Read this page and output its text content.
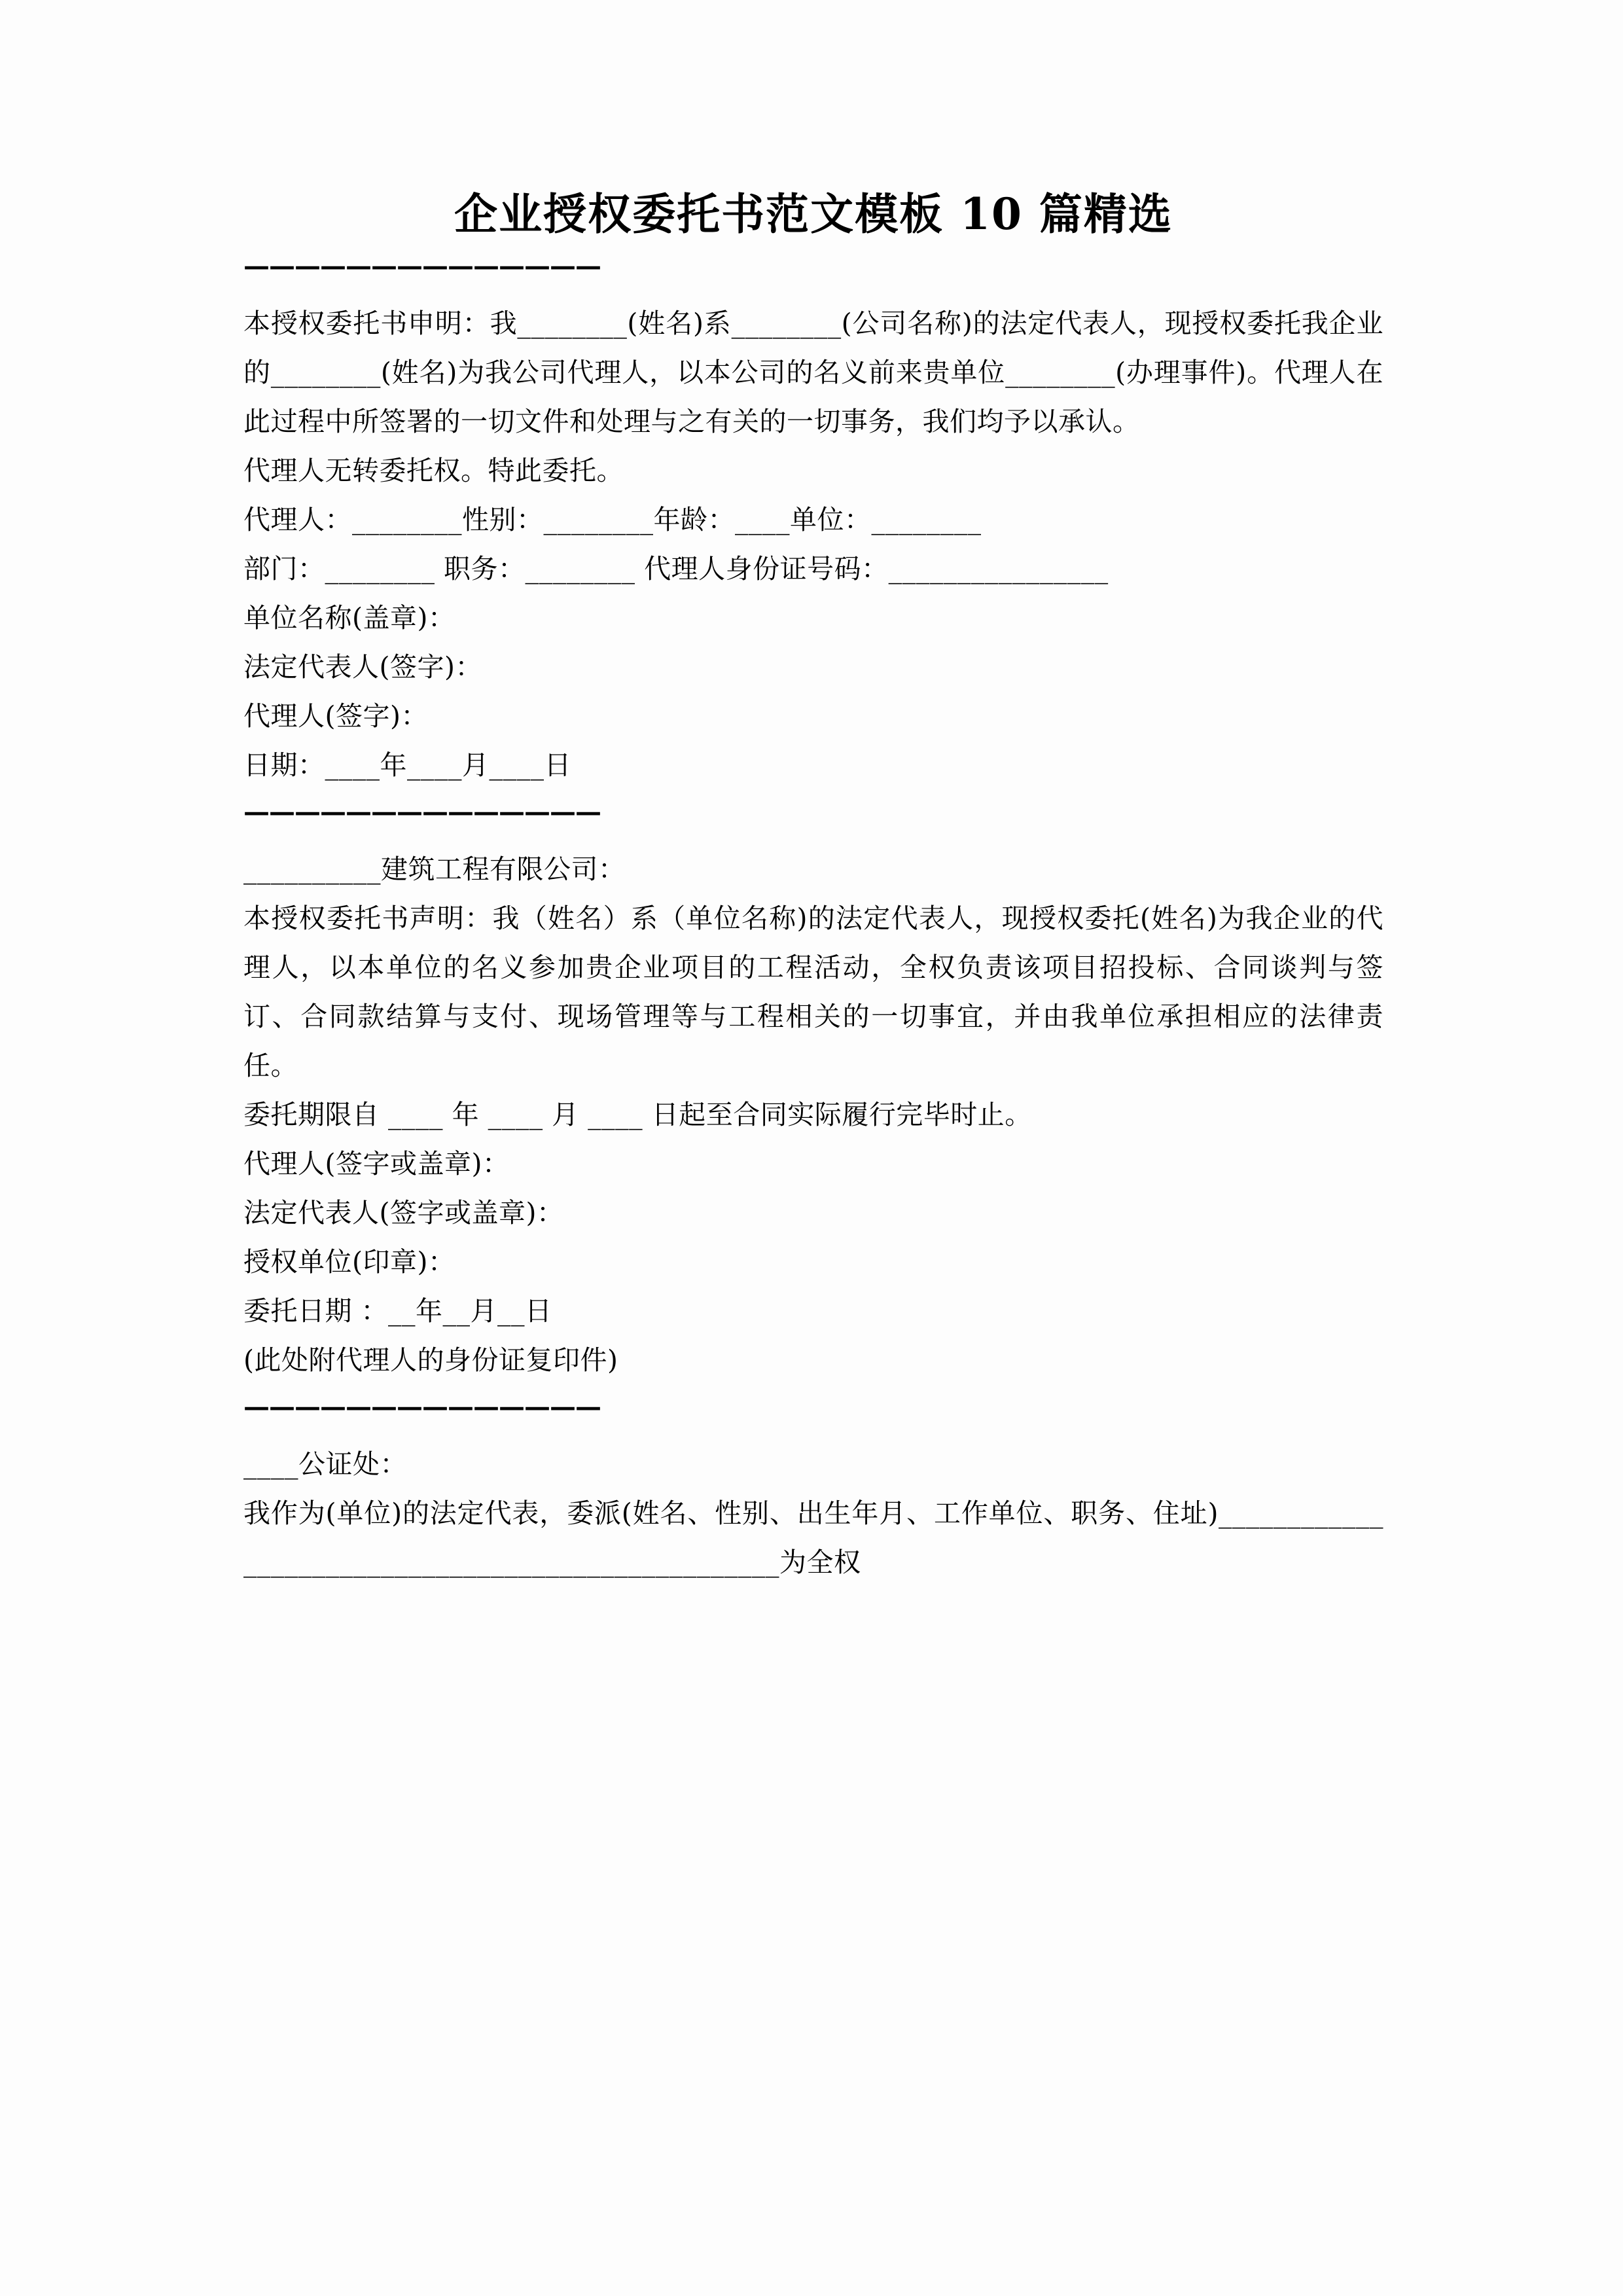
企业授权委托书范文模板 10 篇精选
——————————————

本授权委托书申明：我________(姓名)系________(公司名称)的法定代表人，现授权委托我企业的________(姓名)为我公司代理人，以本公司的名义前来贵单位________(办理事件)。代理人在此过程中所签署的一切文件和处理与之有关的一切事务，我们均予以承认。

代理人无转委托权。特此委托。

代理人：________性别：________年龄：____单位：________

部门：________ 职务：________ 代理人身份证号码：________________

单位名称(盖章)：

法定代表人(签字)：

代理人(签字)：

日期：____年____月____日

——————————————

__________建筑工程有限公司：

本授权委托书声明：我（姓名）系（单位名称)的法定代表人，现授权委托(姓名)为我企业的代理人，以本单位的名义参加贵企业项目的工程活动，全权负责该项目招投标、合同谈判与签订、合同款结算与支付、现场管理等与工程相关的一切事宜，并由我单位承担相应的法律责任。

委托期限自 ____ 年 ____ 月 ____ 日起至合同实际履行完毕时止。

代理人(签字或盖章)：

法定代表人(签字或盖章)：

授权单位(印章)：

委托日期 ：__年__月__日

(此处附代理人的身份证复印件)

——————————————

____公证处：

我作为(单位)的法定代表，委派(姓名、性别、出生年月、工作单位、职务、住址)___________________________________________________为全权
